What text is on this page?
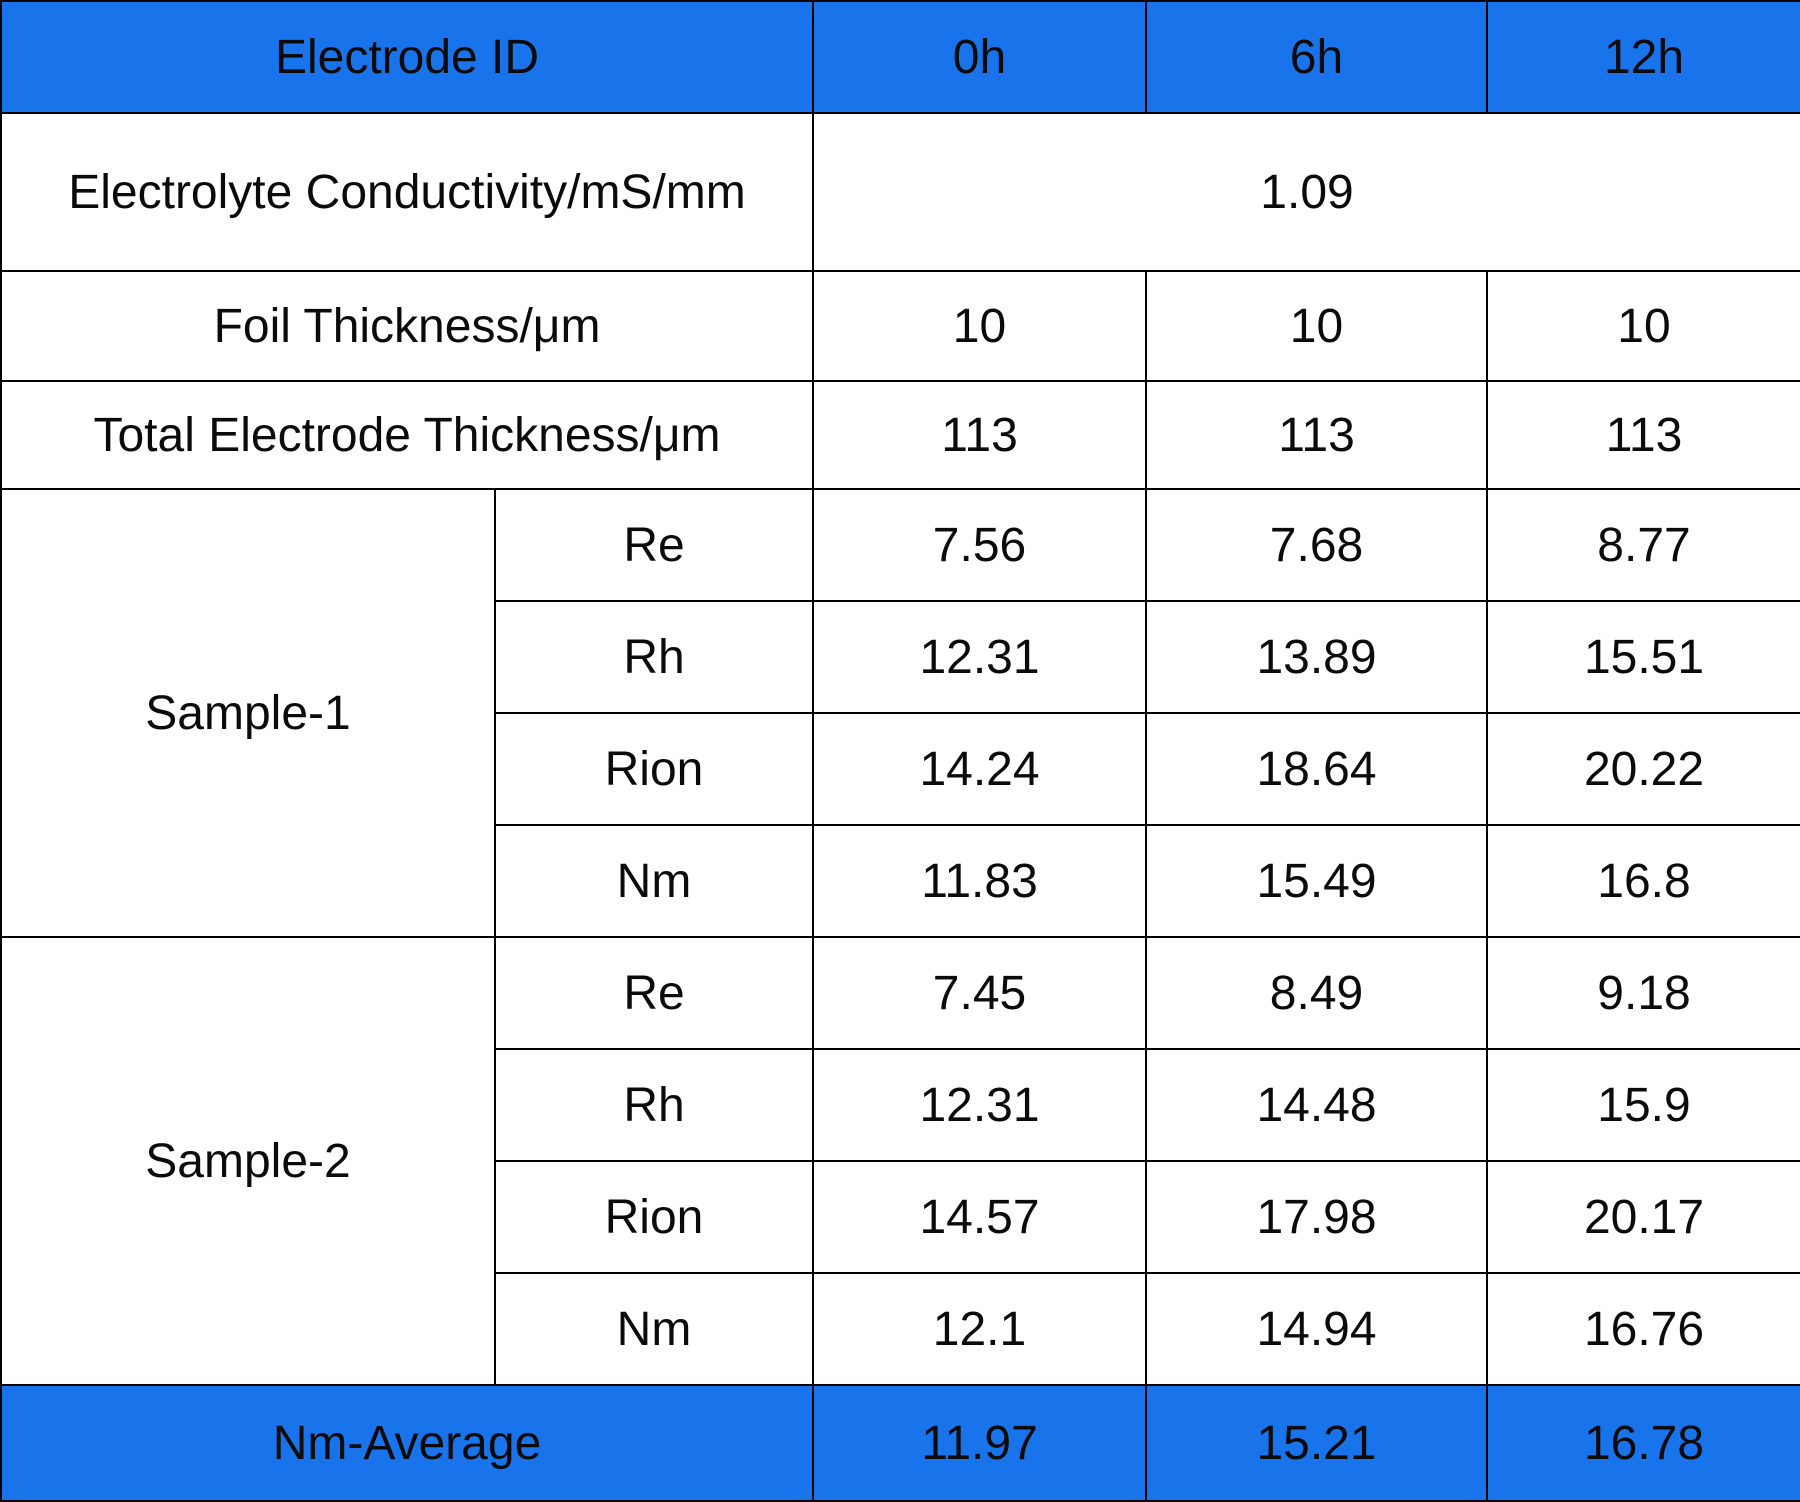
Electrode ID		0h	6h	12h
Electrolyte Conductivity/mS/mm		1.09		
Foil Thickness/μm		10	10	10
Total Electrode Thickness/μm		113	113	113
Sample-1	Re	7.56	7.68	8.77
	Rh	12.31	13.89	15.51
	Rion	14.24	18.64	20.22
	Nm	11.83	15.49	16.8
Sample-2	Re	7.45	8.49	9.18
	Rh	12.31	14.48	15.9
	Rion	14.57	17.98	20.17
	Nm	12.1	14.94	16.76
Nm-Average		11.97	15.21	16.78
